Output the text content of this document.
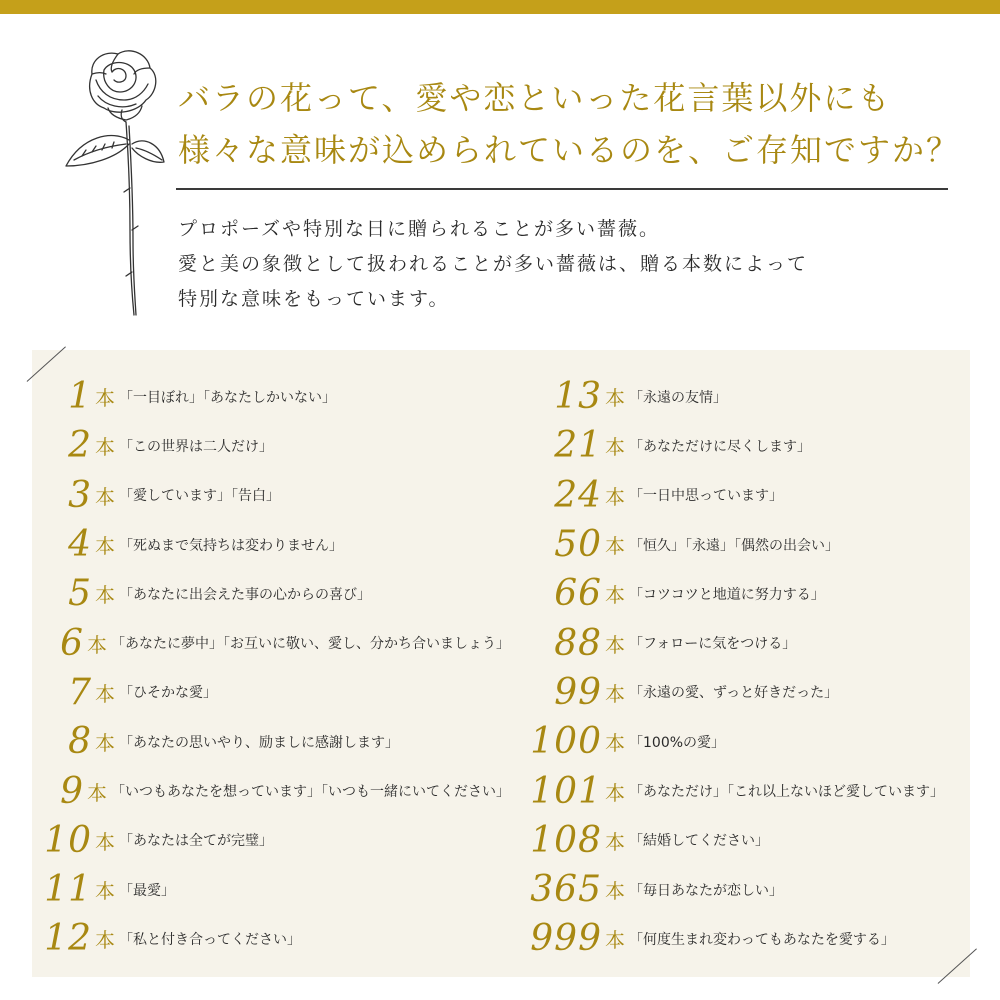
バラの花って、愛や恋といった花言葉以外にも
様々な意味が込められているのを、ご存知ですか？
プロポーズや特別な日に贈られることが多い薔薇。
愛と美の象徴として扱われることが多い薔薇は、贈る本数によって
特別な意味をもっています。
1 本 「一目ぼれ」「あなたしかいない」
2 本 「この世界は二人だけ」
3 本 「愛しています」「告白」
4 本 「死ぬまで気持ちは変わりません」
5 本 「あなたに出会えた事の心からの喜び」
6 本 「あなたに夢中」「お互いに敬い、愛し、分かち合いましょう」
7 本 「ひそかな愛」
8 本 「あなたの思いやり、励ましに感謝します」
9 本 「いつもあなたを想っています」「いつも一緒にいてください」
10 本 「あなたは全てが完璧」
11 本 「最愛」
12 本 「私と付き合ってください」
13 本 「永遠の友情」
21 本 「あなただけに尽くします」
24 本 「一日中思っています」
50 本 「恒久」「永遠」「偶然の出会い」
66 本 「コツコツと地道に努力する」
88 本 「フォローに気をつける」
99 本 「永遠の愛、ずっと好きだった」
100 本 「100%の愛」
101 本 「あなただけ」「これ以上ないほど愛しています」
108 本 「結婚してください」
365 本 「毎日あなたが恋しい」
999 本 「何度生まれ変わってもあなたを愛する」
